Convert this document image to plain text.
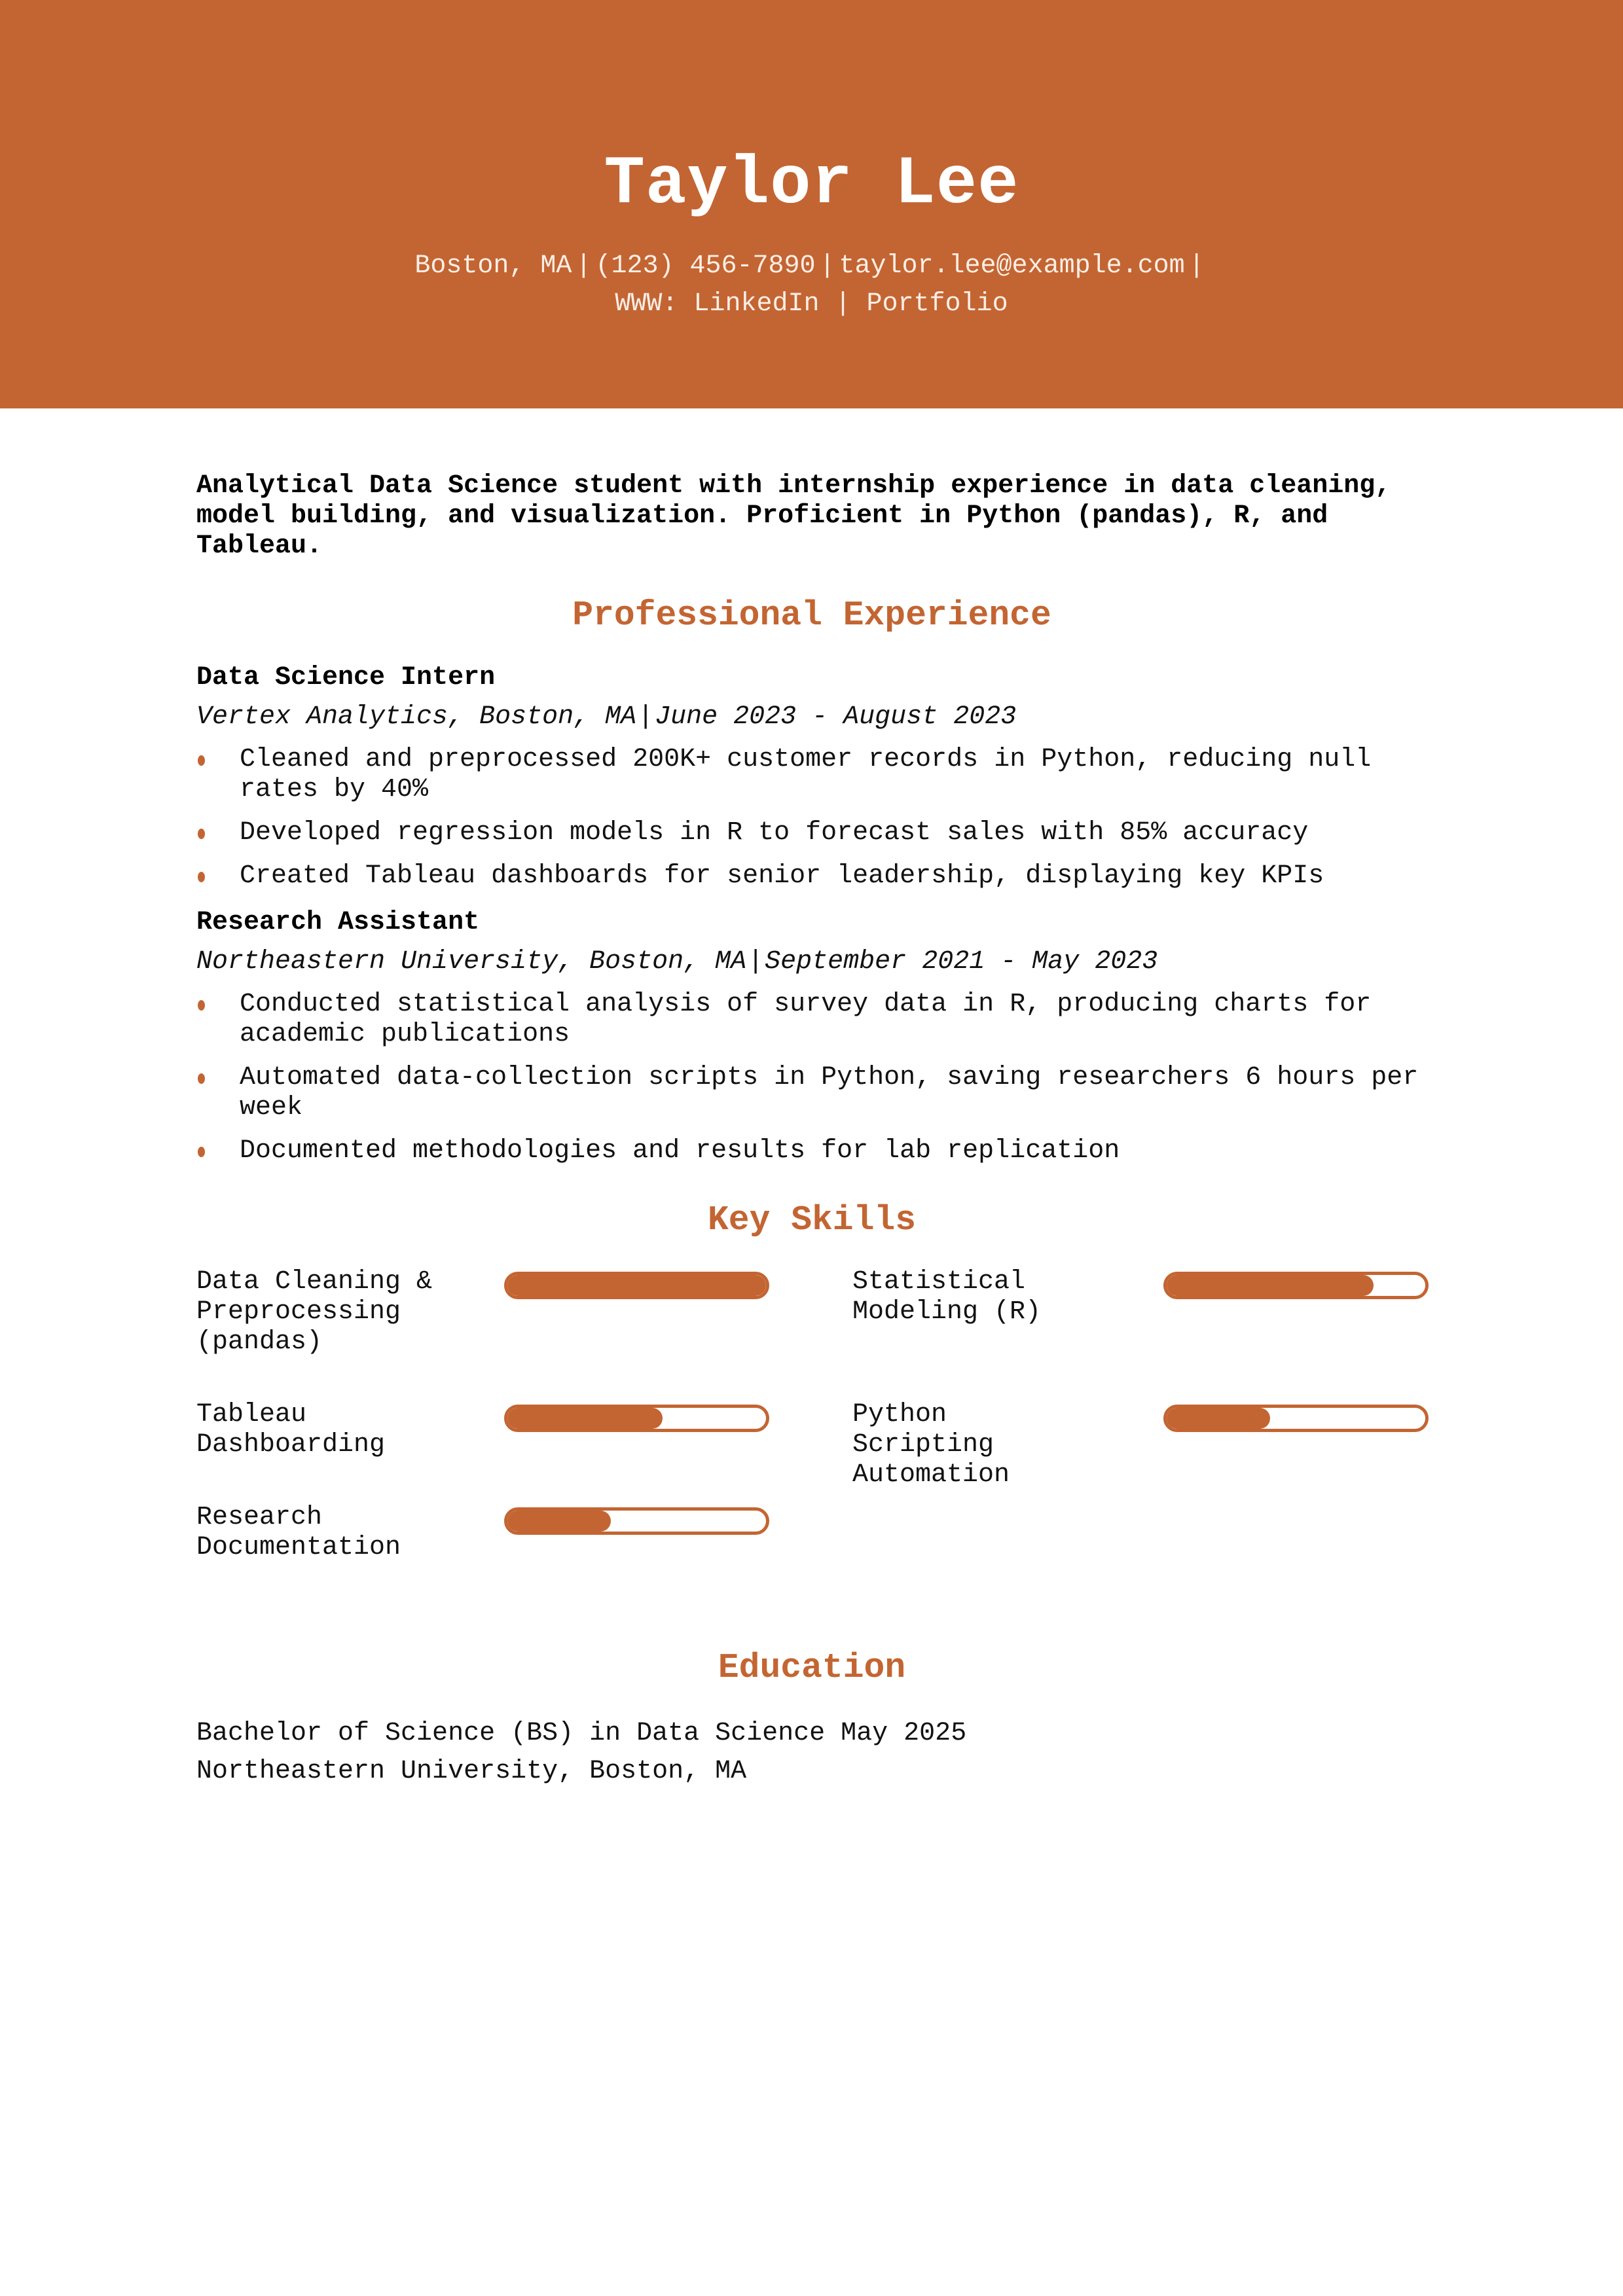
Taylor Lee
Boston, MA | (123) 456-7890 | taylor.lee@example.com |
WWW: LinkedIn | Portfolio

Analytical Data Science student with internship experience in data cleaning, model building, and visualization. Proficient in Python (pandas), R, and Tableau.

Professional Experience
Data Science Intern
Vertex Analytics, Boston, MA|June 2023 - August 2023
Cleaned and preprocessed 200K+ customer records in Python, reducing null rates by 40%
Developed regression models in R to forecast sales with 85% accuracy
Created Tableau dashboards for senior leadership, displaying key KPIs
Research Assistant
Northeastern University, Boston, MA|September 2021 - May 2023
Conducted statistical analysis of survey data in R, producing charts for academic publications
Automated data-collection scripts in Python, saving researchers 6 hours per week
Documented methodologies and results for lab replication
Key Skills
Data Cleaning & Preprocessing (pandas)
Statistical Modeling (R)
Tableau Dashboarding
Python Scripting Automation
Research Documentation
Education
Bachelor of Science (BS) in Data Science May 2025
Northeastern University, Boston, MA
